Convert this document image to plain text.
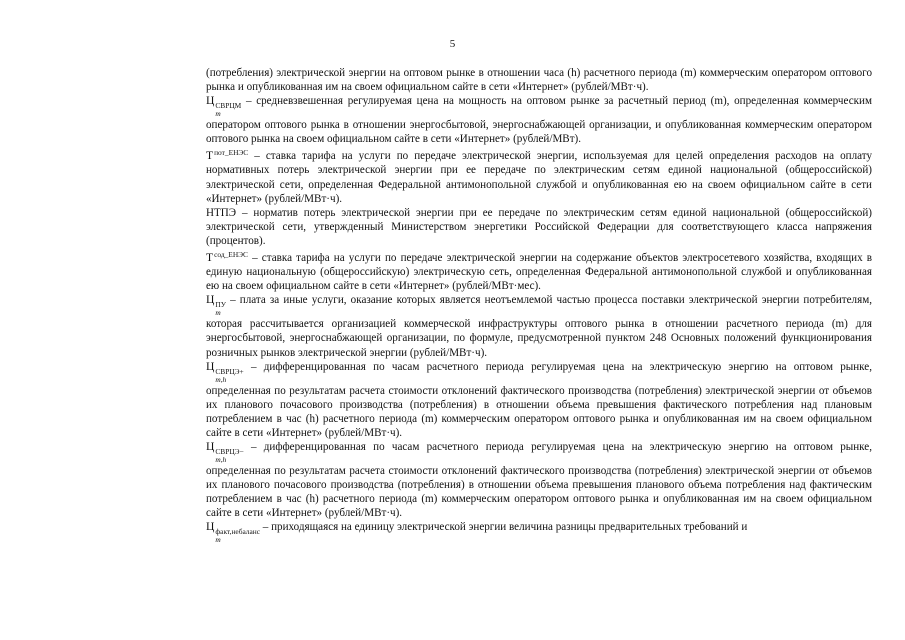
5

(потребления) электрической энергии на оптовом рынке в отношении часа (h) расчетного периода (m) коммерческим оператором оптового рынка и опубликованная им на своем официальном сайте в сети «Интернет» (рублей/МВт·ч).

Ц СВРЦМ
m
– средневзвешенная регулируемая цена на мощность на оптовом рынке за расчетный период (m), определенная коммерческим оператором оптового рынка в отношении энергосбытовой, энергоснабжающей организации, и опубликованная коммерческим оператором оптового рынка на своем официальном сайте в сети «Интернет» (рублей/МВт).

$Т^{пот\_ЕНЭС}$ – ставка тарифа на услуги по передаче электрической энергии, используемая для целей определения расходов на оплату нормативных потерь электрической энергии при ее передаче по электрическим сетям единой национальной (общероссийской) электрической сети, определенная Федеральной антимонопольной службой и опубликованная ею на своем официальном сайте в сети «Интернет» (рублей/МВт·ч).

НТПЭ – норматив потерь электрической энергии при ее передаче по электрическим сетям единой национальной (общероссийской) электрической сети, утвержденный Министерством энергетики Российской Федерации для соответствующего класса напряжения (процентов).

$Т^{сод\_ЕНЭС}$ – ставка тарифа на услуги по передаче электрической энергии на содержание объектов электросетевого хозяйства, входящих в единую национальную (общероссийскую) электрическую сеть, определенная Федеральной антимонопольной службой и опубликованная ею на своем официальном сайте в сети «Интернет» (рублей/МВт·мес).

Ц ПУ
m
– плата за иные услуги, оказание которых является неотъемлемой частью процесса поставки электрической энергии потребителям, которая рассчитывается организацией коммерческой инфраструктуры оптового рынка в отношении расчетного периода (m) для энергосбытовой, энергоснабжающей организации, по формуле, предусмотренной пунктом 248 Основных положений функционирования розничных рынков электрической энергии (рублей/МВт·ч).

Ц СВРЦЭ+
m,h
– дифференцированная по часам расчетного периода регулируемая цена на электрическую энергию на оптовом рынке, определенная по результатам расчета стоимости отклонений фактического производства (потребления) электрической энергии от объемов их планового почасового производства (потребления) в отношении объема превышения фактического потребления над плановым потреблением в час (h) расчетного периода (m) коммерческим оператором оптового рынка и опубликованная им на своем официальном сайте в сети «Интернет» (рублей/МВт·ч).

Ц СВРЦЭ−
m,h
– дифференцированная по часам расчетного периода регулируемая цена на электрическую энергию на оптовом рынке, определенная по результатам расчета стоимости отклонений фактического производства (потребления) электрической энергии от объемов их планового почасового производства (потребления) в отношении объема превышения планового объема потребления над фактическим потреблением в час (h) расчетного периода (m) коммерческим оператором оптового рынка и опубликованная им на своем официальном сайте в сети «Интернет» (рублей/МВт·ч).

Ц факт,небаланс
m
– приходящаяся на единицу электрической энергии величина разницы предварительных требований и
